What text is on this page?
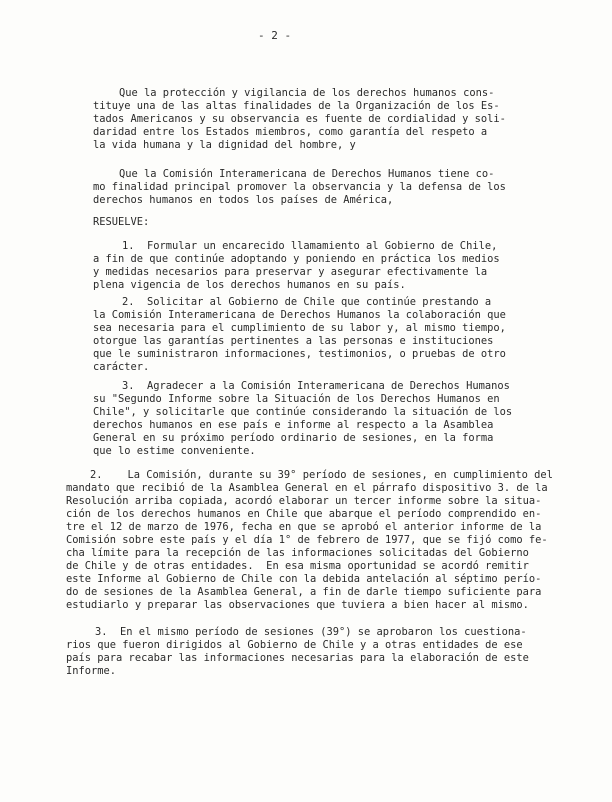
- 2 -
Que la protección y vigilancia de los derechos humanos cons-
tituye una de las altas finalidades de la Organización de los Es-
tados Americanos y su observancia es fuente de cordialidad y soli-
daridad entre los Estados miembros, como garantía del respeto a
la vida humana y la dignidad del hombre, y
Que la Comisión Interamericana de Derechos Humanos tiene co-
mo finalidad principal promover la observancia y la defensa de los
derechos humanos en todos los países de América,
RESUELVE:
1.  Formular un encarecido llamamiento al Gobierno de Chile,
a fin de que continúe adoptando y poniendo en práctica los medios
y medidas necesarios para preservar y asegurar efectivamente la
plena vigencia de los derechos humanos en su país.
2.  Solicitar al Gobierno de Chile que continúe prestando a
la Comisión Interamericana de Derechos Humanos la colaboración que
sea necesaria para el cumplimiento de su labor y, al mismo tiempo,
otorgue las garantías pertinentes a las personas e instituciones
que le suministraron informaciones, testimonios, o pruebas de otro
carácter.
3.  Agradecer a la Comisión Interamericana de Derechos Humanos
su "Segundo Informe sobre la Situación de los Derechos Humanos en
Chile", y solicitarle que continúe considerando la situación de los
derechos humanos en ese país e informe al respecto a la Asamblea
General en su próximo período ordinario de sesiones, en la forma
que lo estime conveniente.
2.    La Comisión, durante su 39° período de sesiones, en cumplimiento del
mandato que recibió de la Asamblea General en el párrafo dispositivo 3. de la
Resolución arriba copiada, acordó elaborar un tercer informe sobre la situa-
ción de los derechos humanos en Chile que abarque el período comprendido en-
tre el 12 de marzo de 1976, fecha en que se aprobó el anterior informe de la
Comisión sobre este país y el día 1° de febrero de 1977, que se fijó como fe-
cha límite para la recepción de las informaciones solicitadas del Gobierno
de Chile y de otras entidades.  En esa misma oportunidad se acordó remitir
este Informe al Gobierno de Chile con la debida antelación al séptimo perío-
do de sesiones de la Asamblea General, a fin de darle tiempo suficiente para
estudiarlo y preparar las observaciones que tuviera a bien hacer al mismo.
3.  En el mismo período de sesiones (39°) se aprobaron los cuestiona-
rios que fueron dirigidos al Gobierno de Chile y a otras entidades de ese
país para recabar las informaciones necesarias para la elaboración de este
Informe.
